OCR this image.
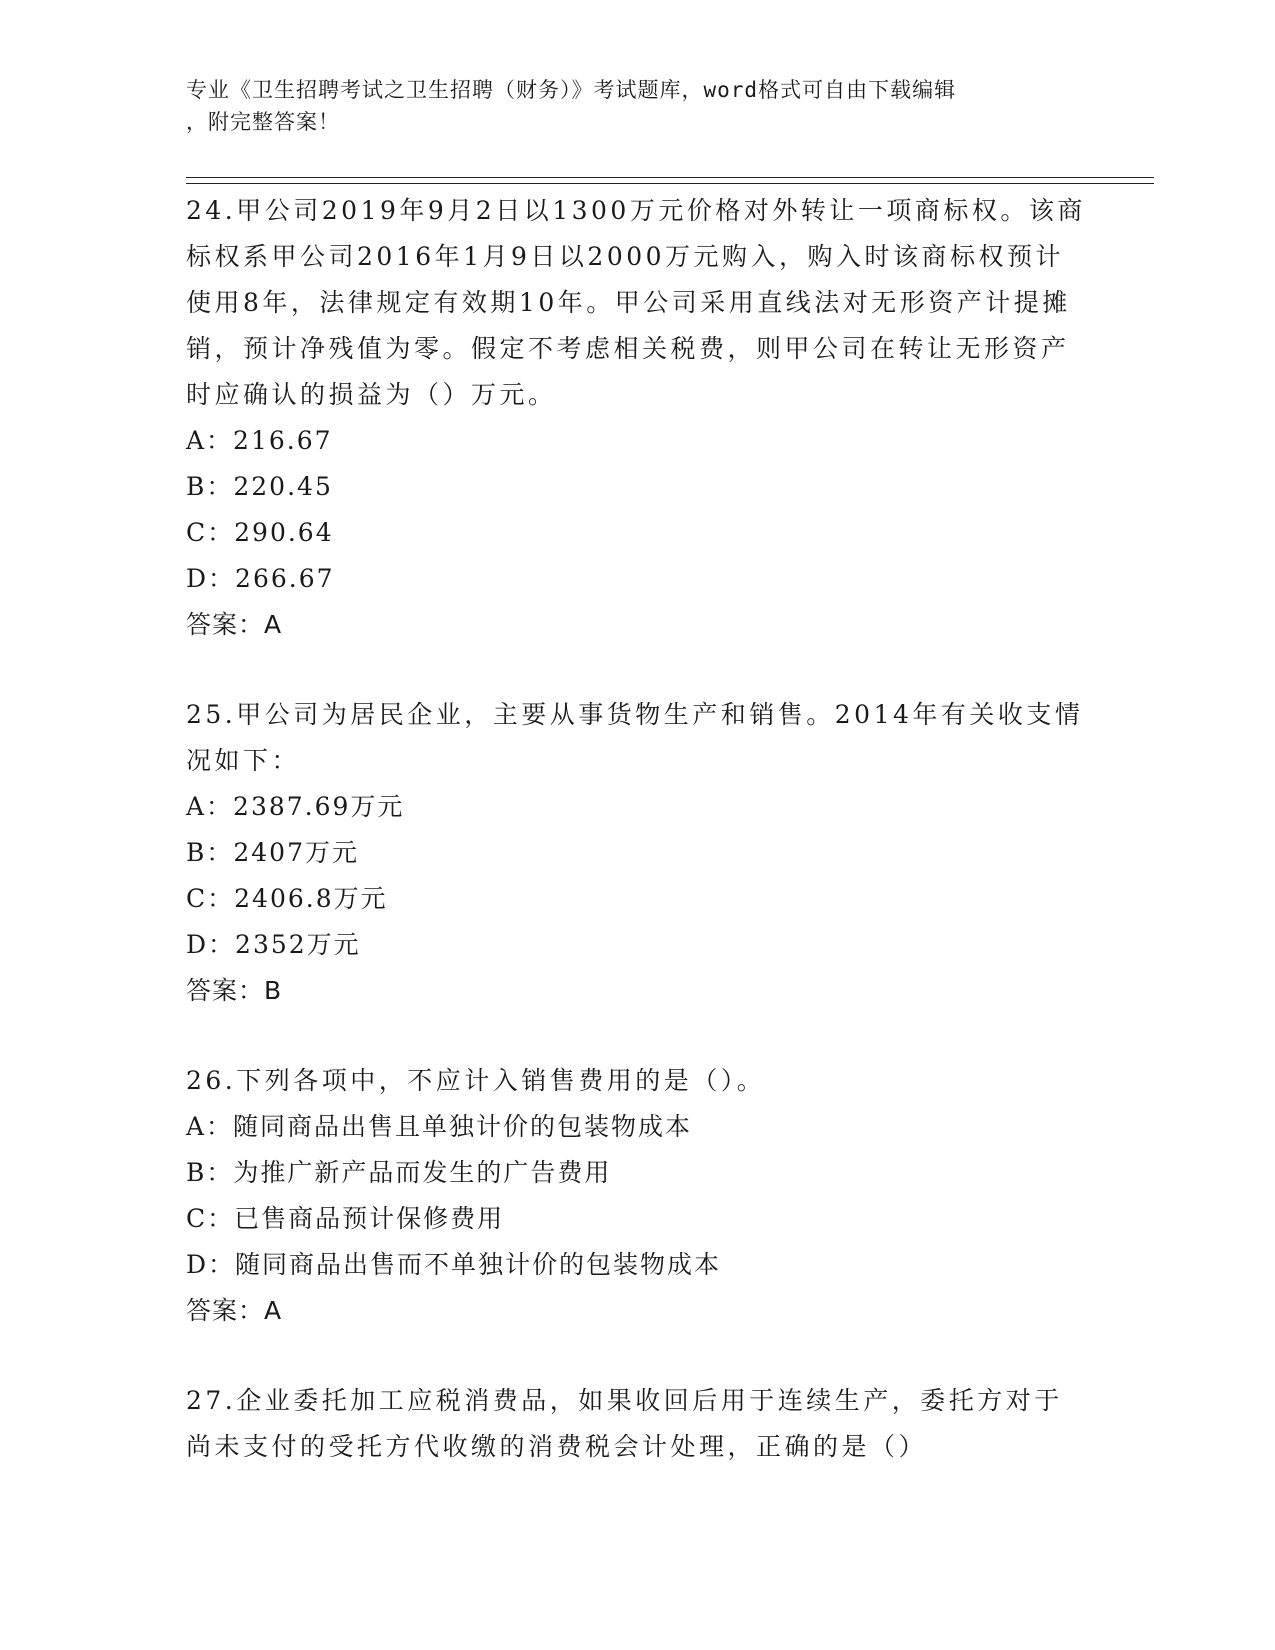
专业《卫生招聘考试之卫生招聘（财务）》考试题库，word格式可自由下载编辑
，附完整答案！

24.甲公司2019年9月2日以1300万元价格对外转让一项商标权。该商标权系甲公司2016年1月9日以2000万元购入，购入时该商标权预计使用8年，法律规定有效期10年。甲公司采用直线法对无形资产计提摊销，预计净残值为零。假定不考虑相关税费，则甲公司在转让无形资产时应确认的损益为（）万元。

A：216.67

B：220.45

C：290.64

D：266.67

答案：A

25.甲公司为居民企业，主要从事货物生产和销售。2014年有关收支情况如下：

A：2387.69万元

B：2407万元

C：2406.8万元

D：2352万元

答案：B

26.下列各项中，不应计入销售费用的是（）。

A：随同商品出售且单独计价的包装物成本

B：为推广新产品而发生的广告费用

C：已售商品预计保修费用

D：随同商品出售而不单独计价的包装物成本

答案：A

27.企业委托加工应税消费品，如果收回后用于连续生产，委托方对于尚未支付的受托方代收缴的消费税会计处理，正确的是（）
